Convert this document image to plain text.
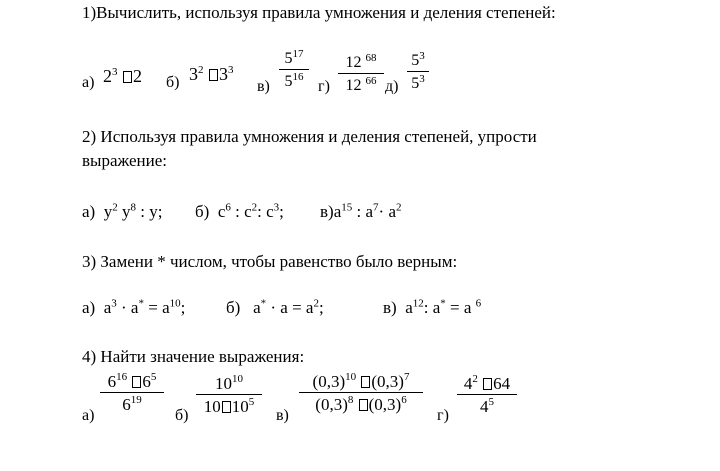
1)Вычислить, используя правила умножения и деления степеней:
а) $2^3$ 2 б) $3^2$ $3^3$
в)
$5^{17}$
$5^{16}$
г)
12 $^{68}$
12 $^{66}$ д)
$5^3$
$5^3$
2) Используя правила умножения и деления степеней, упрости
выражение:
а) $y^2$ $y^8$ : y; б) $c^6$ : $c^2$: $c^3$; $в)a^{15}$ : $a^7\cdot a^2$
3) Замени * числом, чтобы равенство было верным:
а) $a^3 \cdot a^* = a^{10}$; б) $a^* \cdot a = a^2$;	в) $a^{12}$: a* = a $^6$
4) Найти значение выражения:
а)
$6^{16}$ $6^5$
$6^{19}$
б)
$10^{10}$
10 $10^5$
в)
$(0,3)^{10}$ $(0,3)^7$
$(0,3)^8$ $(0,3)^6$
г)
$4^2$ 64
$4^5$
